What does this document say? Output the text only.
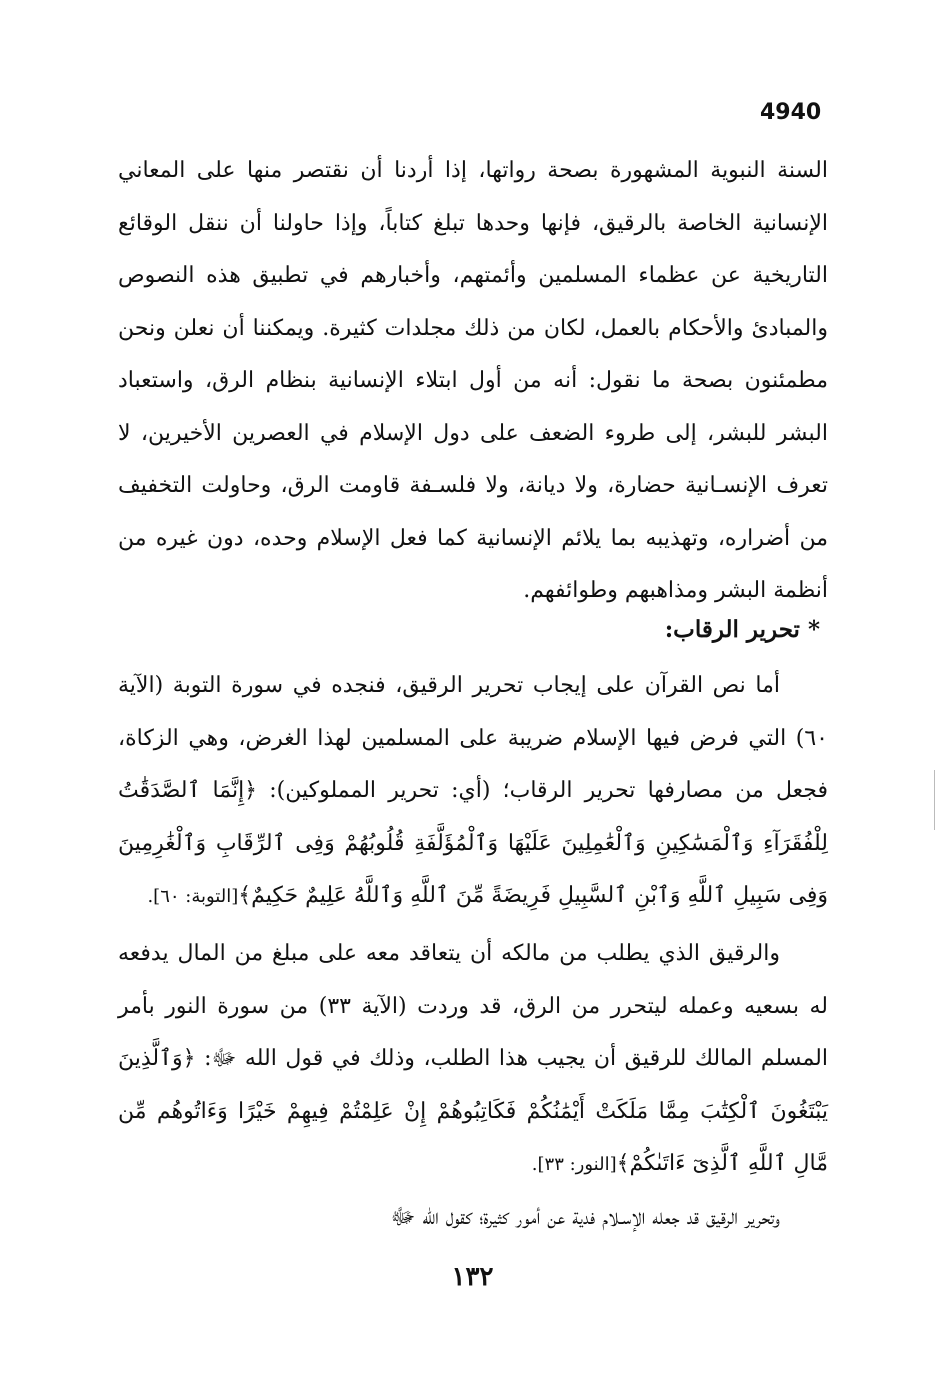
4940

السنة النبوية المشهورة بصحة رواتها، إذا أردنا أن نقتصر منها على المعاني الإنسانية الخاصة بالرقيق، فإنها وحدها تبلغ كتاباً، وإذا حاولنا أن ننقل الوقائع التاريخية عن عظماء المسلمين وأئمتهم، وأخبارهم في تطبيق هذه النصوص والمبادئ والأحكام بالعمل، لكان من ذلك مجلدات كثيرة. ويمكننا أن نعلن ونحن مطمئنون بصحة ما نقول: أنه من أول ابتلاء الإنسانية بنظام الرق، واستعباد البشر للبشر، إلى طروء الضعف على دول الإسلام في العصرين الأخيرين، لا تعرف الإنسـانية حضارة، ولا ديانة، ولا فلسـفة قاومت الرق، وحاولت التخفيف من أضراره، وتهذيبه بما يلائم الإنسانية كما فعل الإسلام وحده، دون غيره من أنظمة البشر ومذاهبهم وطوائفهم.

* تحرير الرقاب:

أما نص القرآن على إيجاب تحرير الرقيق، فنجده في سورة التوبة (الآية ٦٠) التي فرض فيها الإسلام ضريبة على المسلمين لهذا الغرض، وهي الزكاة، فجعل من مصارفها تحرير الرقاب؛ (أي: تحرير المملوكين): ﴿إِنَّمَا ٱلصَّدَقَٰتُ لِلْفُقَرَآءِ وَٱلْمَسَٰكِينِ وَٱلْعَٰمِلِينَ عَلَيْهَا وَٱلْمُؤَلَّفَةِ قُلُوبُهُمْ وَفِى ٱلرِّقَابِ وَٱلْغَٰرِمِينَ وَفِى سَبِيلِ ٱللَّهِ وَٱبْنِ ٱلسَّبِيلِ فَرِيضَةً مِّنَ ٱللَّهِ وَٱللَّهُ عَلِيمٌ حَكِيمٌ﴾[التوبة: ٦٠].

والرقيق الذي يطلب من مالكه أن يتعاقد معه على مبلغ من المال يدفعه له بسعيه وعمله ليتحرر من الرق، قد وردت (الآية ٣٣) من سورة النور بأمر المسلم المالك للرقيق أن يجيب هذا الطلب، وذلك في قول الله ﷻ: ﴿وَٱلَّذِينَ يَبْتَغُونَ ٱلْكِتَٰبَ مِمَّا مَلَكَتْ أَيْمَٰنُكُمْ فَكَاتِبُوهُمْ إِنْ عَلِمْتُمْ فِيهِمْ خَيْرًا وَءَاتُوهُم مِّن مَّالِ ٱللَّهِ ٱلَّذِىٓ ءَاتَىٰكُمْ﴾[النور: ٣٣].

وتحرير الرقيق قد جعله الإسـلام فدية عن أمور كثيرة؛ كقول الله ﷻ

١٣٢
